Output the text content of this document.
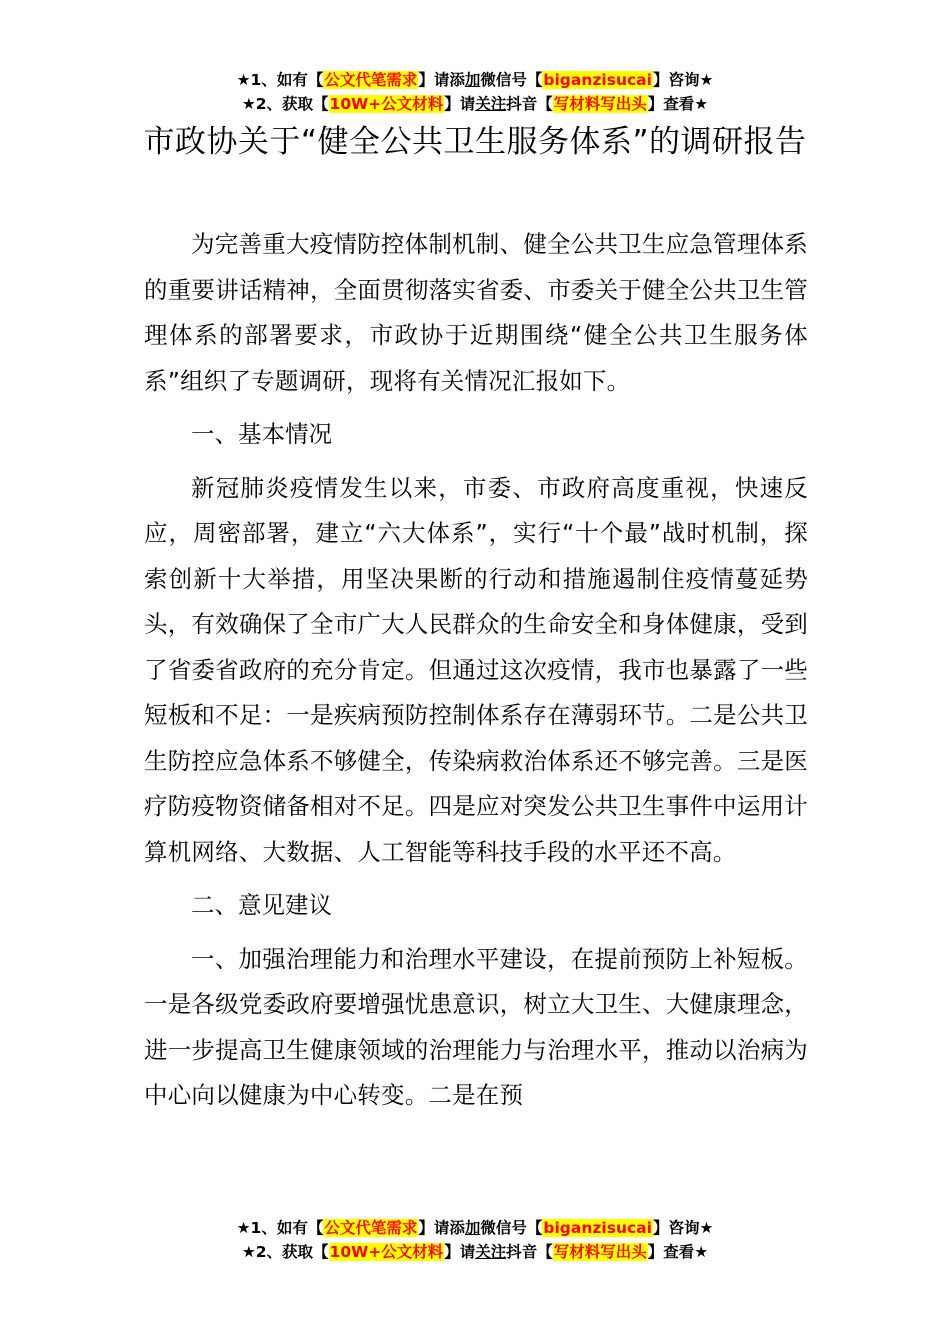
★1、如有【公文代笔需求】请添加微信号【biganzisucai】咨询★
★2、获取【10W+公文材料】请关注抖音【写材料写出头】查看★
市政协关于“健全公共卫生服务体系”的调研报告

为完善重大疫情防控体制机制、健全公共卫生应急管理体系的重要讲话精神，全面贯彻落实省委、市委关于健全公共卫生管理体系的部署要求，市政协于近期围绕“健全公共卫生服务体系”组织了专题调研，现将有关情况汇报如下。

一、基本情况

新冠肺炎疫情发生以来，市委、市政府高度重视，快速反应，周密部署，建立“六大体系”，实行“十个最”战时机制，探索创新十大举措，用坚决果断的行动和措施遏制住疫情蔓延势头，有效确保了全市广大人民群众的生命安全和身体健康，受到了省委省政府的充分肯定。但通过这次疫情，我市也暴露了一些短板和不足：一是疾病预防控制体系存在薄弱环节。二是公共卫生防控应急体系不够健全，传染病救治体系还不够完善。三是医疗防疫物资储备相对不足。四是应对突发公共卫生事件中运用计算机网络、大数据、人工智能等科技手段的水平还不高。

二、意见建议

一、加强治理能力和治理水平建设，在提前预防上补短板。一是各级党委政府要增强忧患意识，树立大卫生、大健康理念，进一步提高卫生健康领域的治理能力与治理水平，推动以治病为中心向以健康为中心转变。二是在预

★1、如有【公文代笔需求】请添加微信号【biganzisucai】咨询★
★2、获取【10W+公文材料】请关注抖音【写材料写出头】查看★
